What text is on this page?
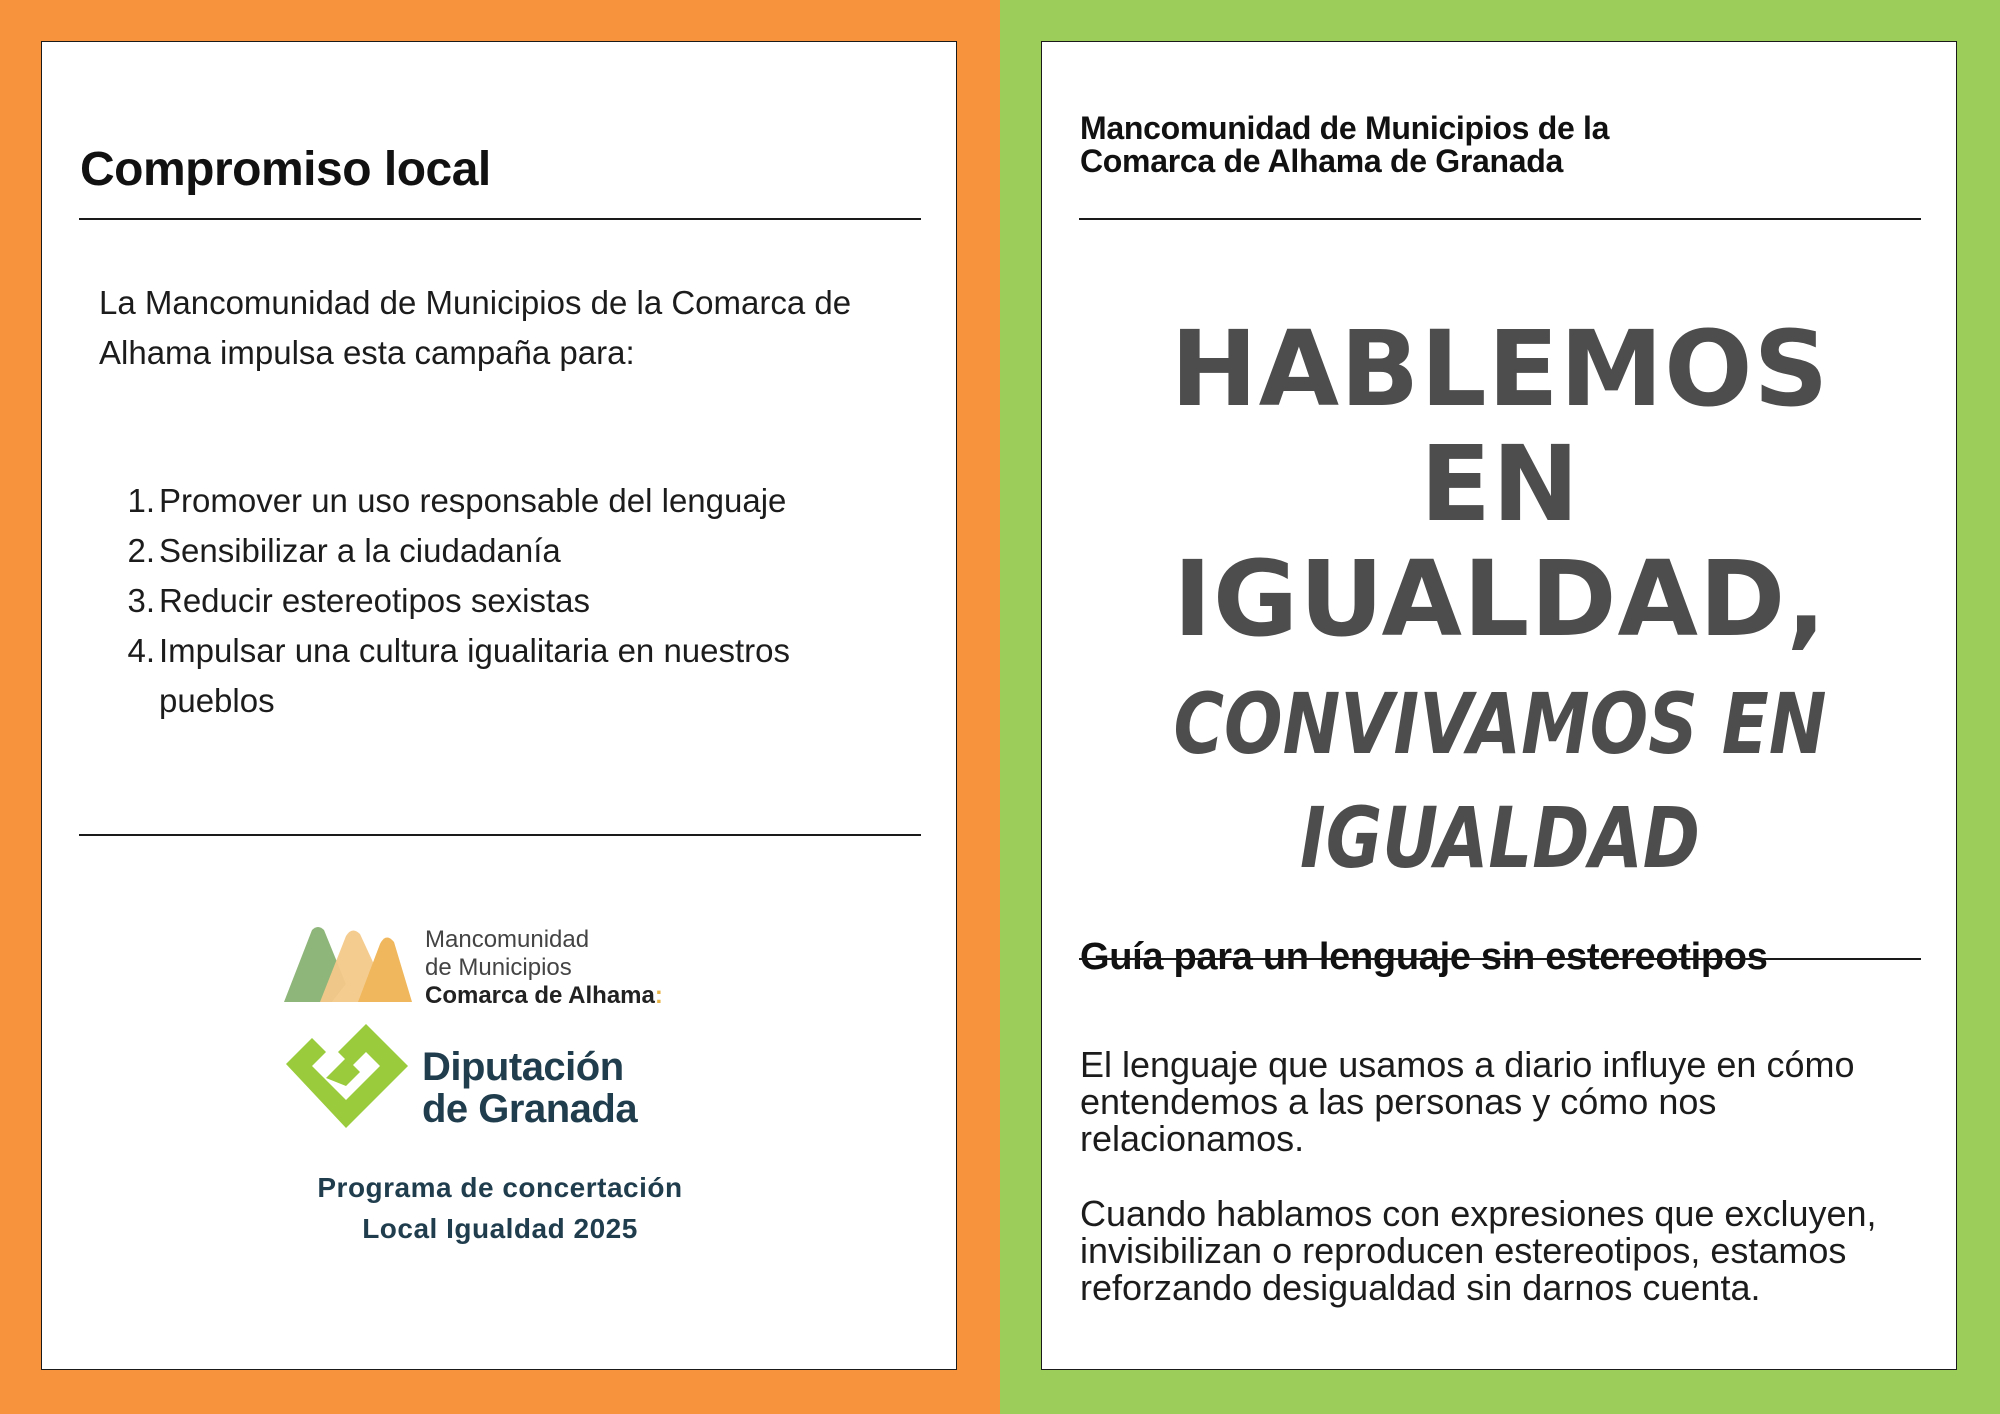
Compromiso local

La Mancomunidad de Municipios de la Comarca de Alhama impulsa esta campaña para:

1. Promover un uso responsable del lenguaje
2. Sensibilizar a la ciudadanía
3. Reducir estereotipos sexistas
4. Impulsar una cultura igualitaria en nuestros pueblos
Mancomunidad
de Municipios
Comarca de Alhama:
Diputación
de Granada
Programa de concertación
Local Igualdad 2025
Mancomunidad de Municipios de la
Comarca de Alhama de Granada
HABLEMOS
EN
IGUALDAD,
CONVIVAMOS EN
IGUALDAD
Guía para un lenguaje sin estereotipos

El lenguaje que usamos a diario influye en cómo entendemos a las personas y cómo nos relacionamos.

Cuando hablamos con expresiones que excluyen, invisibilizan o reproducen estereotipos, estamos reforzando desigualdad sin darnos cuenta.
